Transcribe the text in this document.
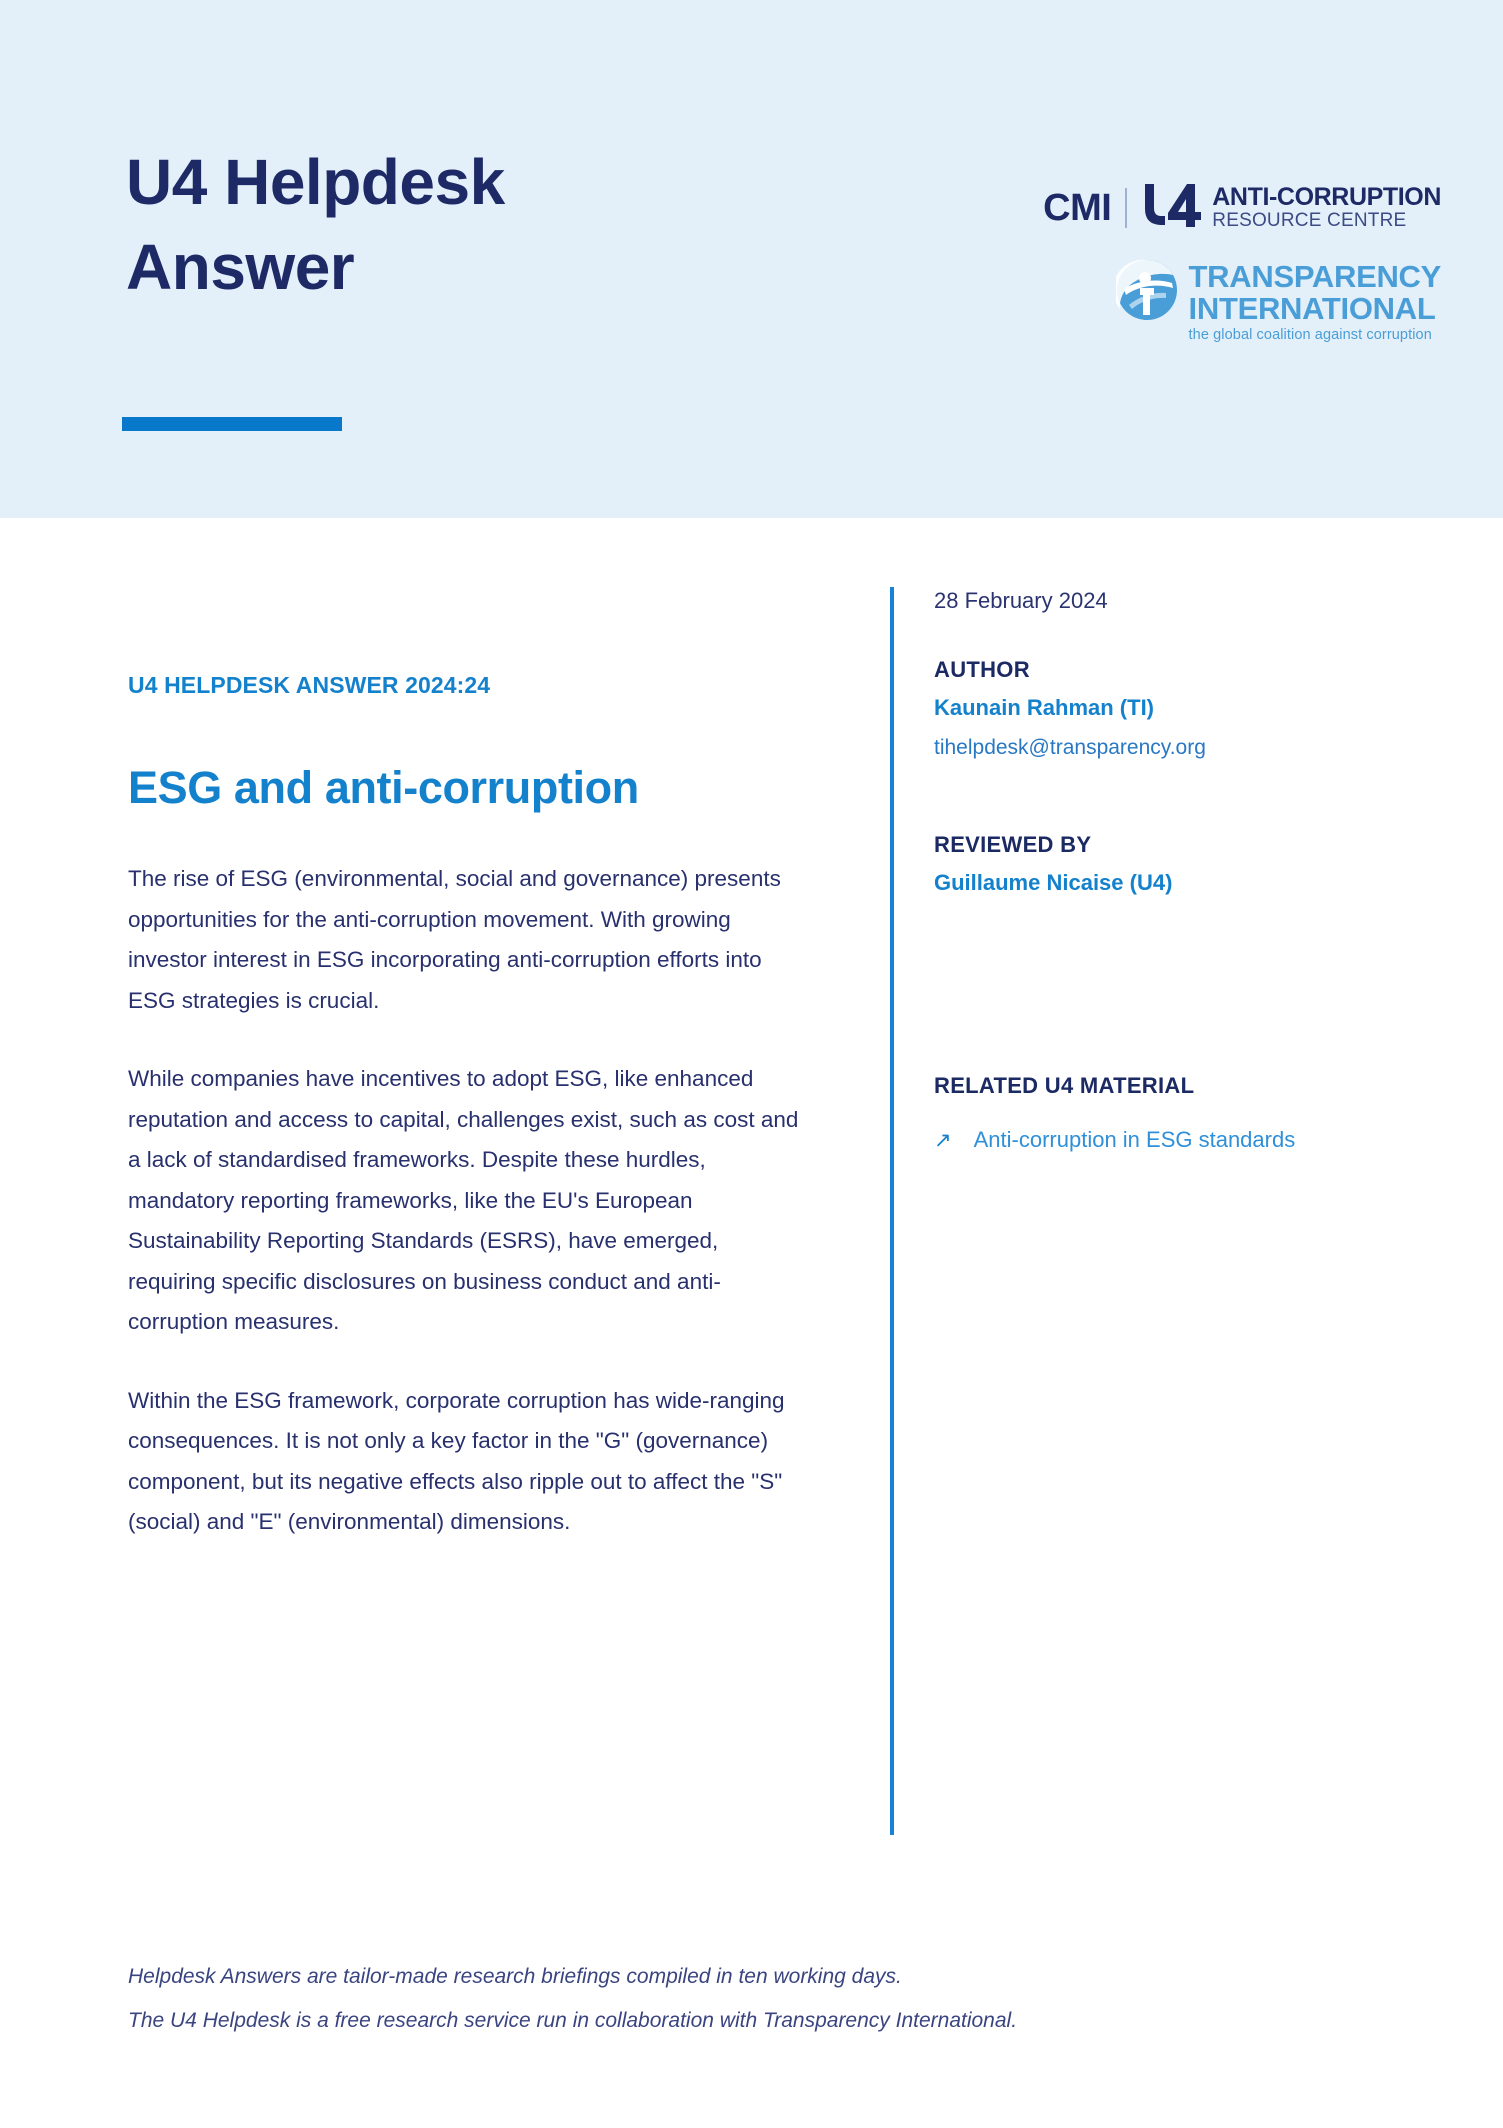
U4 Helpdesk
Answer
CMI	ANTI-CORRUPTION
RESOURCE CENTRE
TRANSPARENCY
INTERNATIONAL
the global coalition against corruption

U4 HELPDESK ANSWER 2024:24

ESG and anti-corruption

The rise of ESG (environmental, social and governance) presents opportunities for the anti-corruption movement. With growing investor interest in ESG incorporating anti-corruption efforts into ESG strategies is crucial.

While companies have incentives to adopt ESG, like enhanced reputation and access to capital, challenges exist, such as cost and a lack of standardised frameworks. Despite these hurdles, mandatory reporting frameworks, like the EU's European Sustainability Reporting Standards (ESRS), have emerged, requiring specific disclosures on business conduct and anti-corruption measures.

Within the ESG framework, corporate corruption has wide-ranging consequences. It is not only a key factor in the "G" (governance) component, but its negative effects also ripple out to affect the "S" (social) and "E" (environmental) dimensions.

28 February 2024

AUTHOR

Kaunain Rahman (TI)

tihelpdesk@transparency.org

REVIEWED BY

Guillaume Nicaise (U4)

RELATED U4 MATERIAL

↗ Anti-corruption in ESG standards

Helpdesk Answers are tailor-made research briefings compiled in ten working days.

The U4 Helpdesk is a free research service run in collaboration with Transparency International.
